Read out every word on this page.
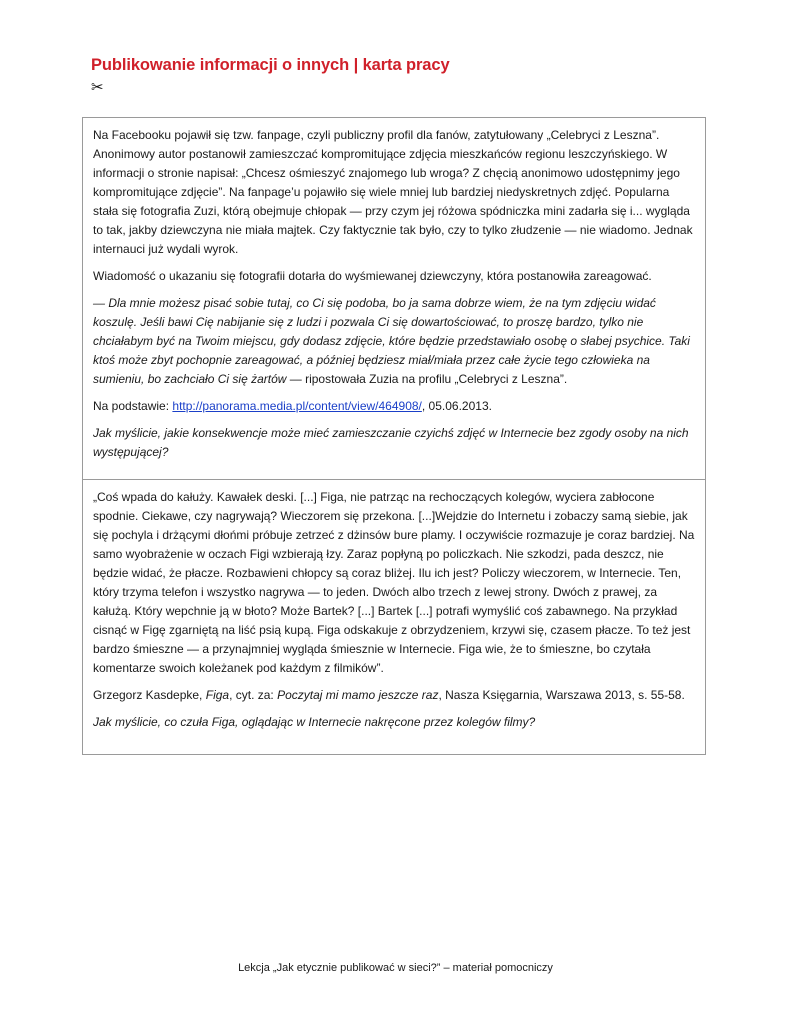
Publikowanie informacji o innych | karta pracy
✂

Na Facebooku pojawił się tzw. fanpage, czyli publiczny profil dla fanów, zatytułowany „Celebryci z Leszna”. Anonimowy autor postanowił zamieszczać kompromitujące zdjęcia mieszkańców regionu leszczyńskiego. W informacji o stronie napisał: „Chcesz ośmieszyć znajomego lub wroga? Z chęcią anonimowo udostępnimy jego kompromitujące zdjęcie”. Na fanpage’u pojawiło się wiele mniej lub bardziej niedyskretnych zdjęć. Popularna stała się fotografia Zuzi, którą obejmuje chłopak — przy czym jej różowa spódniczka mini zadarła się i... wygląda to tak, jakby dziewczyna nie miała majtek. Czy faktycznie tak było, czy to tylko złudzenie — nie wiadomo. Jednak internauci już wydali wyrok.

Wiadomość o ukazaniu się fotografii dotarła do wyśmiewanej dziewczyny, która postanowiła zareagować.

— Dla mnie możesz pisać sobie tutaj, co Ci się podoba, bo ja sama dobrze wiem, że na tym zdjęciu widać koszulę. Jeśli bawi Cię nabijanie się z ludzi i pozwala Ci się dowartościować, to proszę bardzo, tylko nie chciałabym być na Twoim miejscu, gdy dodasz zdjęcie, które będzie przedstawiało osobę o słabej psychice. Taki ktoś może zbyt pochopnie zareagować, a później będziesz miał/miała przez całe życie tego człowieka na sumieniu, bo zachciało Ci się żartów — ripostowała Zuzia na profilu „Celebryci z Leszna”.

Na podstawie: http://panorama.media.pl/content/view/464908/, 05.06.2013.

Jak myślicie, jakie konsekwencje może mieć zamieszczanie czyichś zdjęć w Internecie bez zgody osoby na nich występującej?

„Coś wpada do kałuży. Kawałek deski. [...] Figa, nie patrząc na rechoczących kolegów, wyciera zabłocone spodnie. Ciekawe, czy nagrywają? Wieczorem się przekona. [...]Wejdzie do Internetu i zobaczy samą siebie, jak się pochyla i drżącymi dłońmi próbuje zetrzeć z dżinsów bure plamy. I oczywiście rozmazuje je coraz bardziej. Na samo wyobrażenie w oczach Figi wzbierają łzy. Zaraz popłyną po policzkach. Nie szkodzi, pada deszcz, nie będzie widać, że płacze. Rozbawieni chłopcy są coraz bliżej. Ilu ich jest? Policzy wieczorem, w Internecie. Ten, który trzyma telefon i wszystko nagrywa — to jeden. Dwóch albo trzech z lewej strony. Dwóch z prawej, za kałużą. Który wepchnie ją w błoto? Może Bartek? [...] Bartek [...] potrafi wymyślić coś zabawnego. Na przykład cisnąć w Figę zgarniętą na liść psią kupą. Figa odskakuje z obrzydzeniem, krzywi się, czasem płacze. To też jest bardzo śmieszne — a przynajmniej wygląda śmiesznie w Internecie. Figa wie, że to śmieszne, bo czytała komentarze swoich koleżanek pod każdym z filmików”.

Grzegorz Kasdepke, Figa, cyt. za: Poczytaj mi mamo jeszcze raz, Nasza Księgarnia, Warszawa 2013, s. 55-58.

Jak myślicie, co czuła Figa, oglądając w Internecie nakręcone przez kolegów filmy?

Lekcja „Jak etycznie publikować w sieci?” – materiał pomocniczy
